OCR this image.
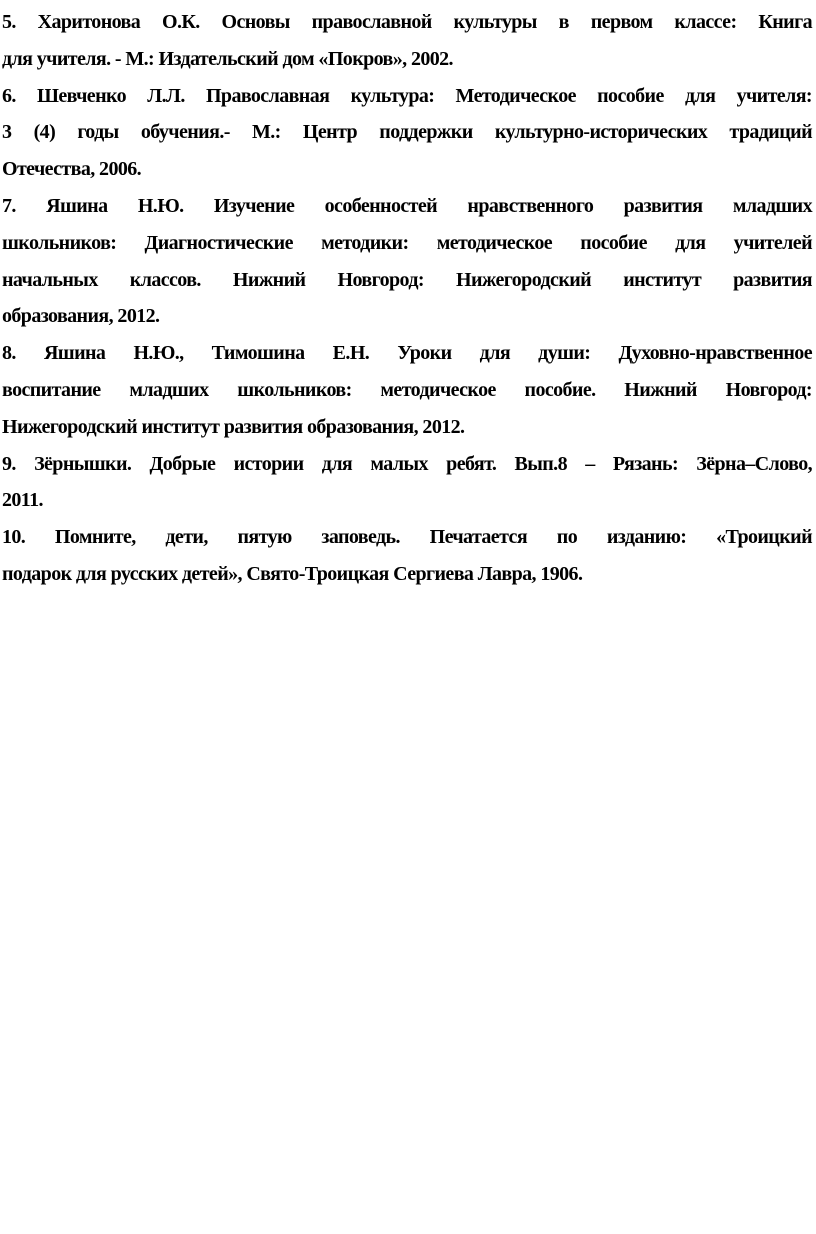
5. Харитонова О.К. Основы православной культуры в первом классе: Книга
для учителя. - М.: Издательский дом «Покров», 2002.

6. Шевченко Л.Л. Православная культура: Методическое пособие для учителя:
3 (4) годы обучения.- М.: Центр поддержки культурно-исторических традиций
Отечества, 2006.

7. Яшина Н.Ю. Изучение особенностей нравственного развития младших
школьников: Диагностические методики: методическое пособие для учителей
начальных классов. Нижний Новгород: Нижегородский институт развития
образования, 2012.

8. Яшина Н.Ю., Тимошина Е.Н. Уроки для души: Духовно-нравственное
воспитание младших школьников: методическое пособие. Нижний Новгород:
Нижегородский институт развития образования, 2012.

9. Зёрнышки. Добрые истории для малых ребят. Вып.8 – Рязань: Зёрна–Слово,
2011.

10. Помните, дети, пятую заповедь. Печатается по изданию: «Троицкий
подарок для русских детей», Свято-Троицкая Сергиева Лавра, 1906.
